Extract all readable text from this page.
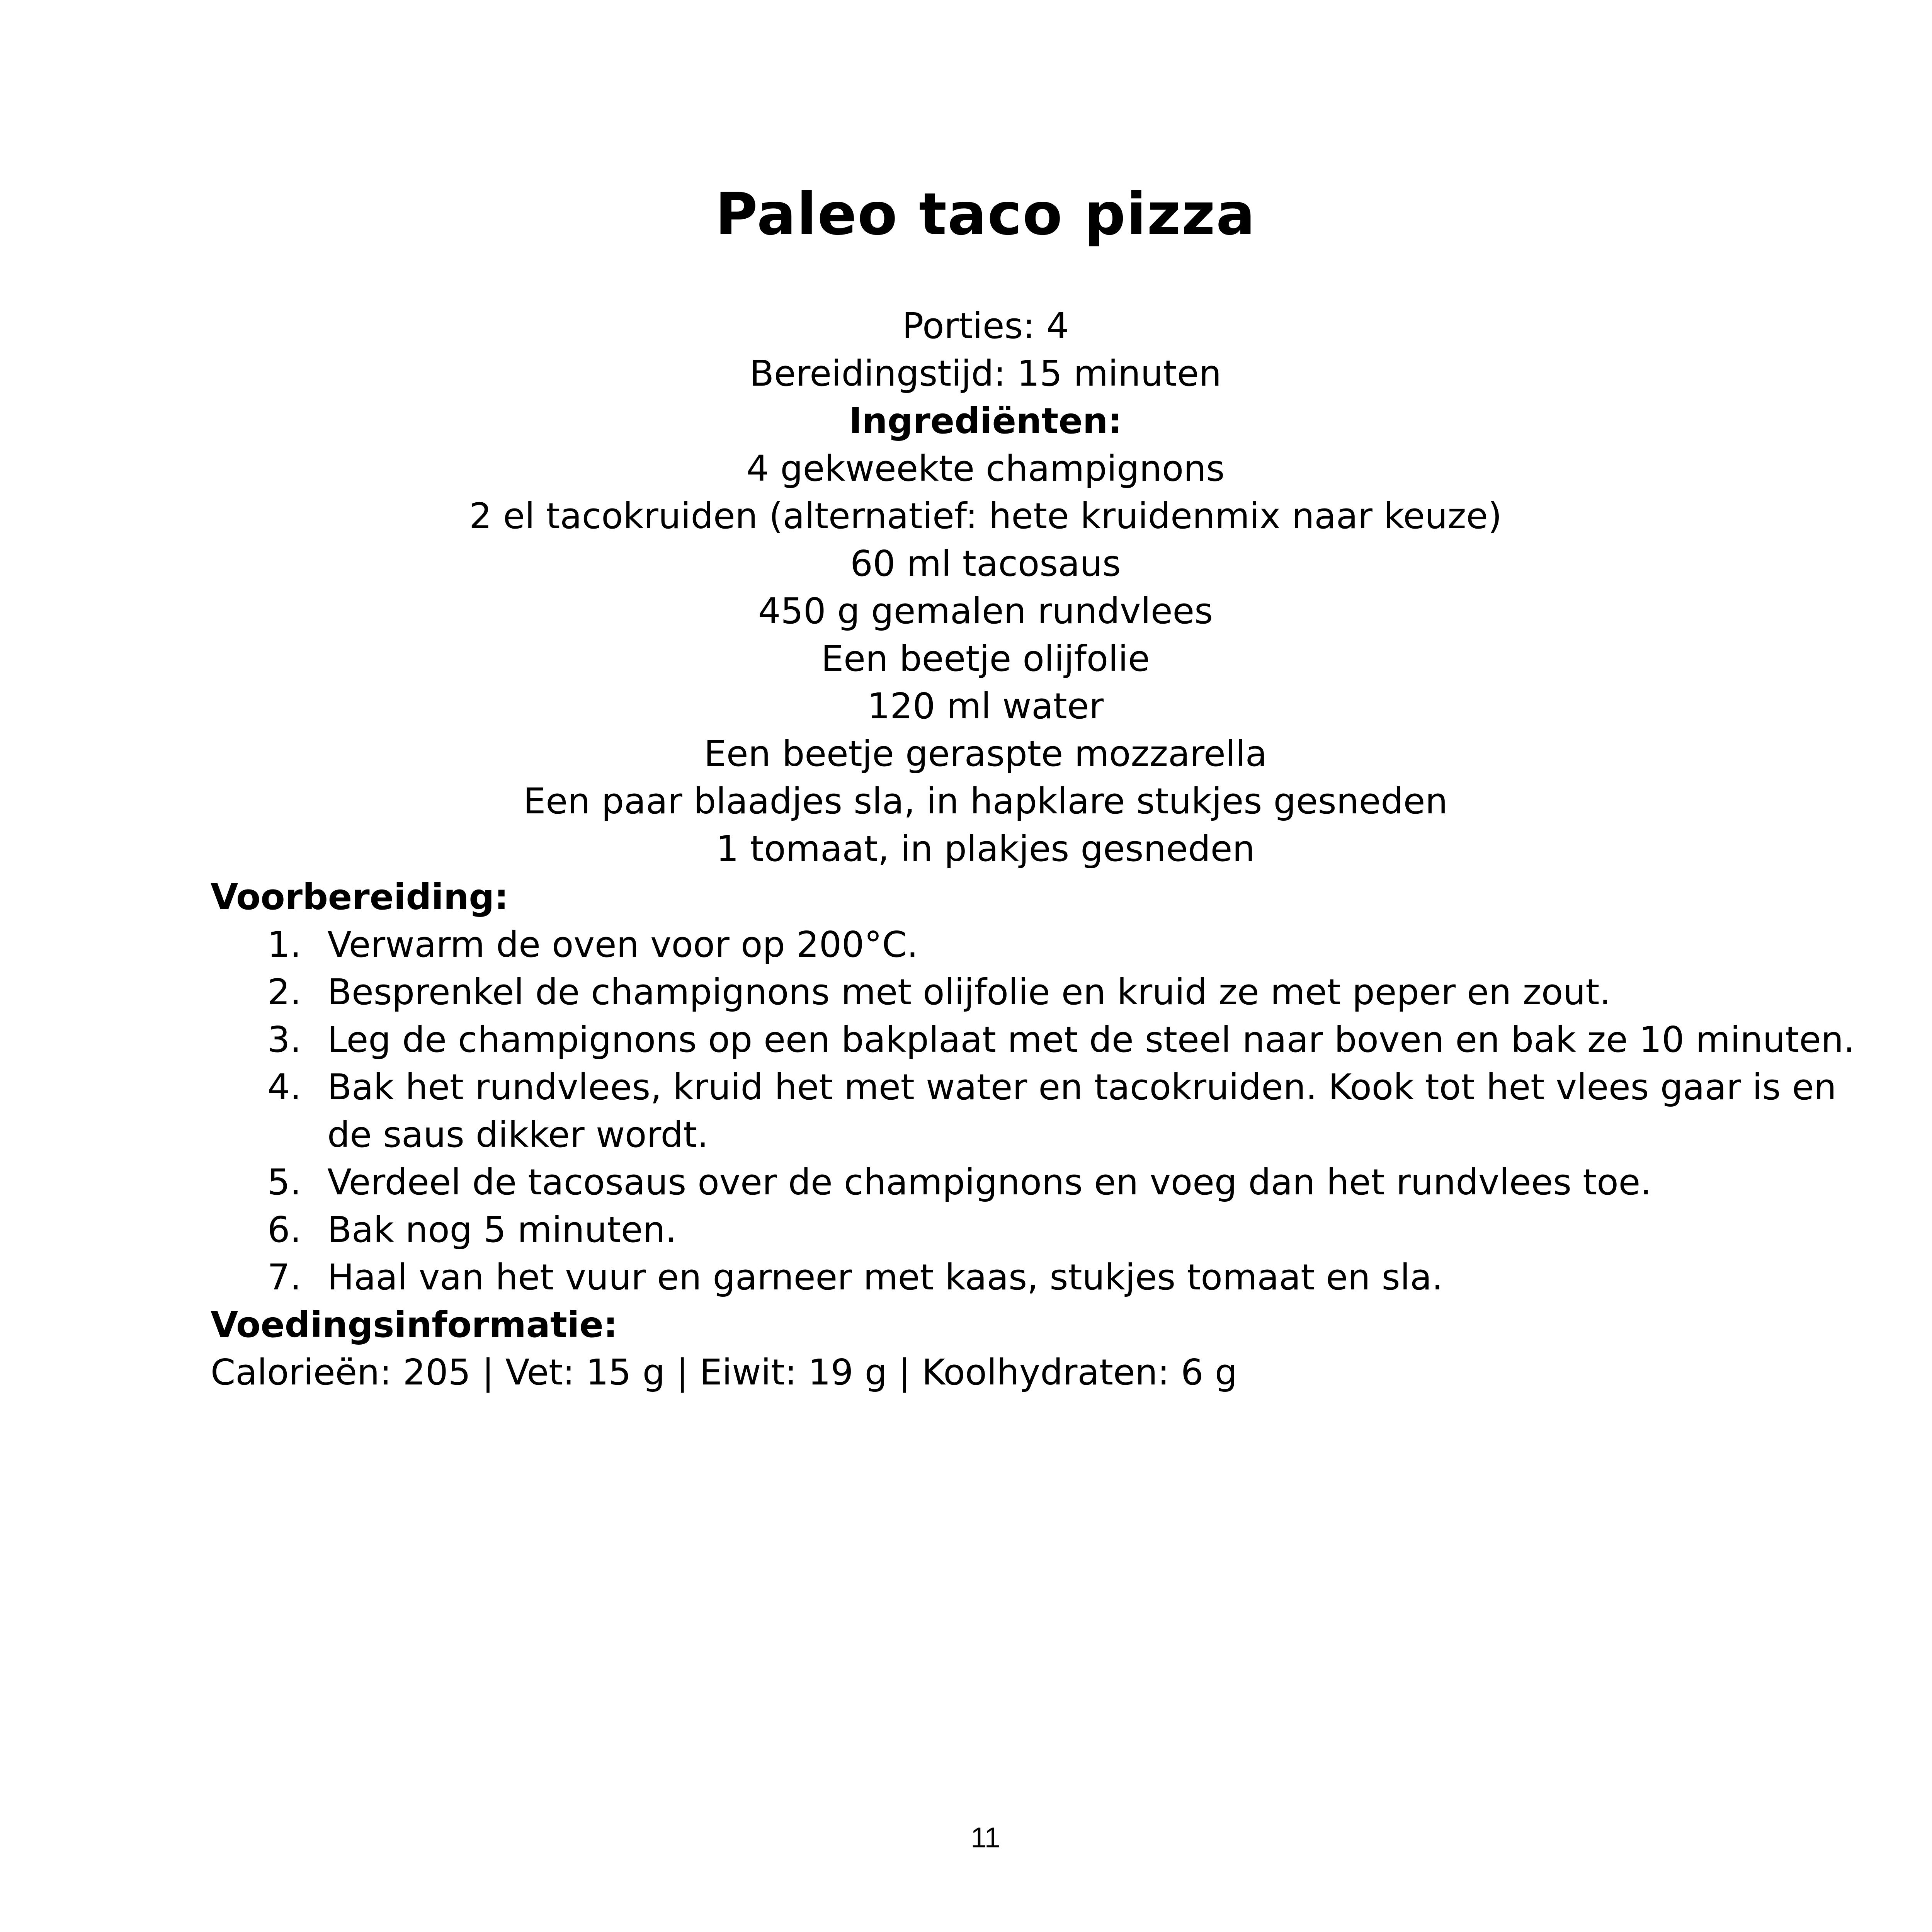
Paleo taco pizza
Porties: 4
Bereidingstijd: 15 minuten
Ingrediënten:
4 gekweekte champignons
2 el tacokruiden (alternatief: hete kruidenmix naar keuze)
60 ml tacosaus
450 g gemalen rundvlees
Een beetje olijfolie
120 ml water
Een beetje geraspte mozzarella
Een paar blaadjes sla, in hapklare stukjes gesneden
1 tomaat, in plakjes gesneden
Voorbereiding:
1. Verwarm de oven voor op 200°C.
2. Besprenkel de champignons met olijfolie en kruid ze met peper en zout.
3. Leg de champignons op een bakplaat met de steel naar boven en bak ze 10 minuten.
4. Bak het rundvlees, kruid het met water en tacokruiden. Kook tot het vlees gaar is en de saus dikker wordt.
5. Verdeel de tacosaus over de champignons en voeg dan het rundvlees toe.
6. Bak nog 5 minuten.
7. Haal van het vuur en garneer met kaas, stukjes tomaat en sla.
Voedingsinformatie:
Calorieën: 205 | Vet: 15 g | Eiwit: 19 g | Koolhydraten: 6 g
11
